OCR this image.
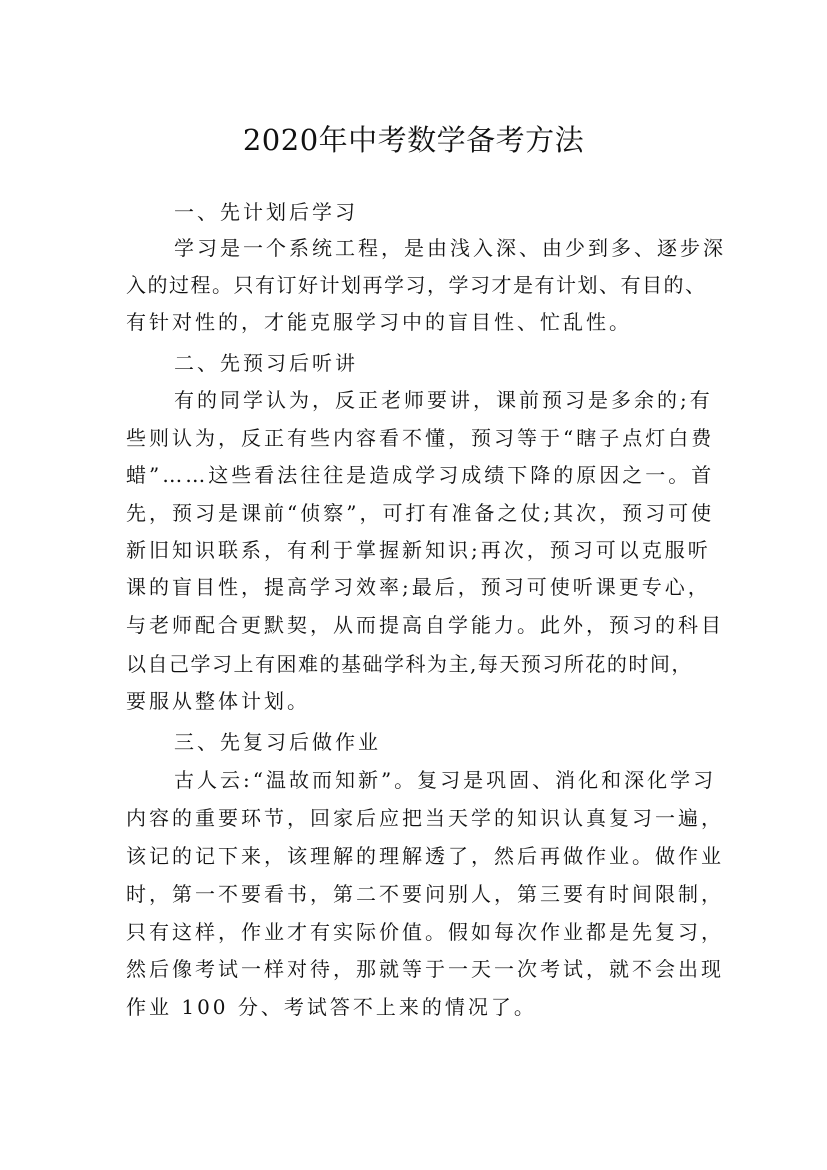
2020年中考数学备考方法
一、先计划后学习
学习是一个系统工程，是由浅入深、由少到多、逐步深
入的过程。只有订好计划再学习，学习才是有计划、有目的、
有针对性的，才能克服学习中的盲目性、忙乱性。
二、先预习后听讲
有的同学认为，反正老师要讲，课前预习是多余的;有
些则认为，反正有些内容看不懂，预习等于“瞎子点灯白费
蜡”……这些看法往往是造成学习成绩下降的原因之一。首
先，预习是课前“侦察”，可打有准备之仗;其次，预习可使
新旧知识联系，有利于掌握新知识;再次，预习可以克服听
课的盲目性，提高学习效率;最后，预习可使听课更专心，
与老师配合更默契，从而提高自学能力。此外，预习的科目
以自己学习上有困难的基础学科为主,每天预习所花的时间，
要服从整体计划。
三、先复习后做作业
古人云:“温故而知新”。复习是巩固、消化和深化学习
内容的重要环节，回家后应把当天学的知识认真复习一遍，
该记的记下来，该理解的理解透了，然后再做作业。做作业
时，第一不要看书，第二不要问别人，第三要有时间限制，
只有这样，作业才有实际价值。假如每次作业都是先复习，
然后像考试一样对待，那就等于一天一次考试，就不会出现
作业 100 分、考试答不上来的情况了。
